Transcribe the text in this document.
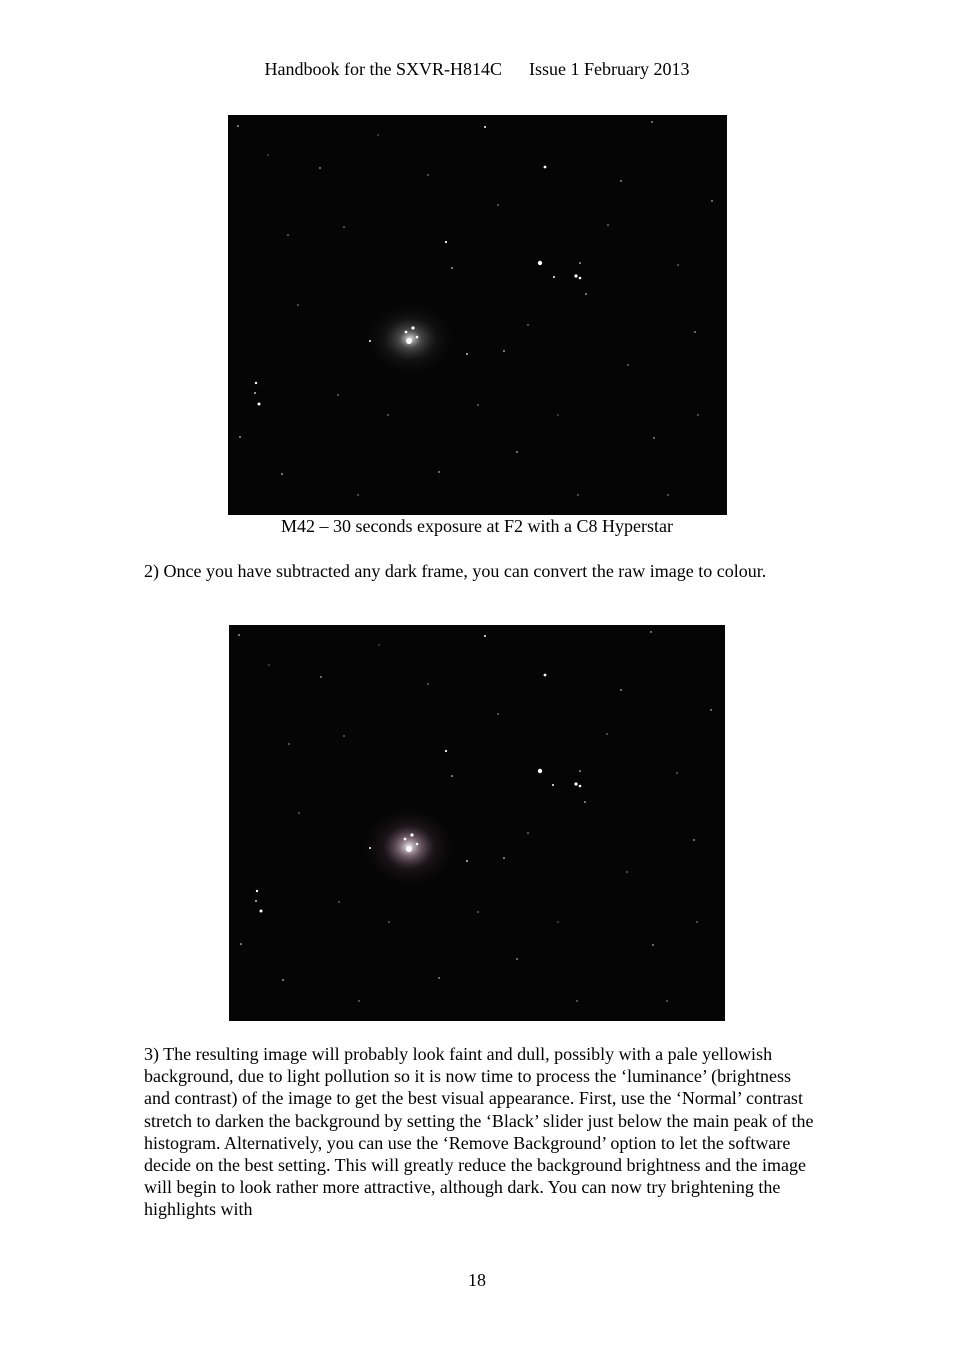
Handbook for the SXVR-H814C      Issue 1 February 2013
M42 – 30 seconds exposure at F2 with a C8 Hyperstar

2) Once you have subtracted any dark frame, you can convert the raw image to colour.

3) The resulting image will probably look faint and dull, possibly with a pale yellowish background, due to light pollution so it is now time to process the ‘luminance’ (brightness and contrast) of the image to get the best visual appearance. First, use the ‘Normal’ contrast stretch to darken the background by setting the ‘Black’ slider just below the main peak of the histogram. Alternatively, you can use the ‘Remove Background’ option to let the software decide on the best setting. This will greatly reduce the background brightness and the image will begin to look rather more attractive, although dark. You can now try brightening the highlights with

18
